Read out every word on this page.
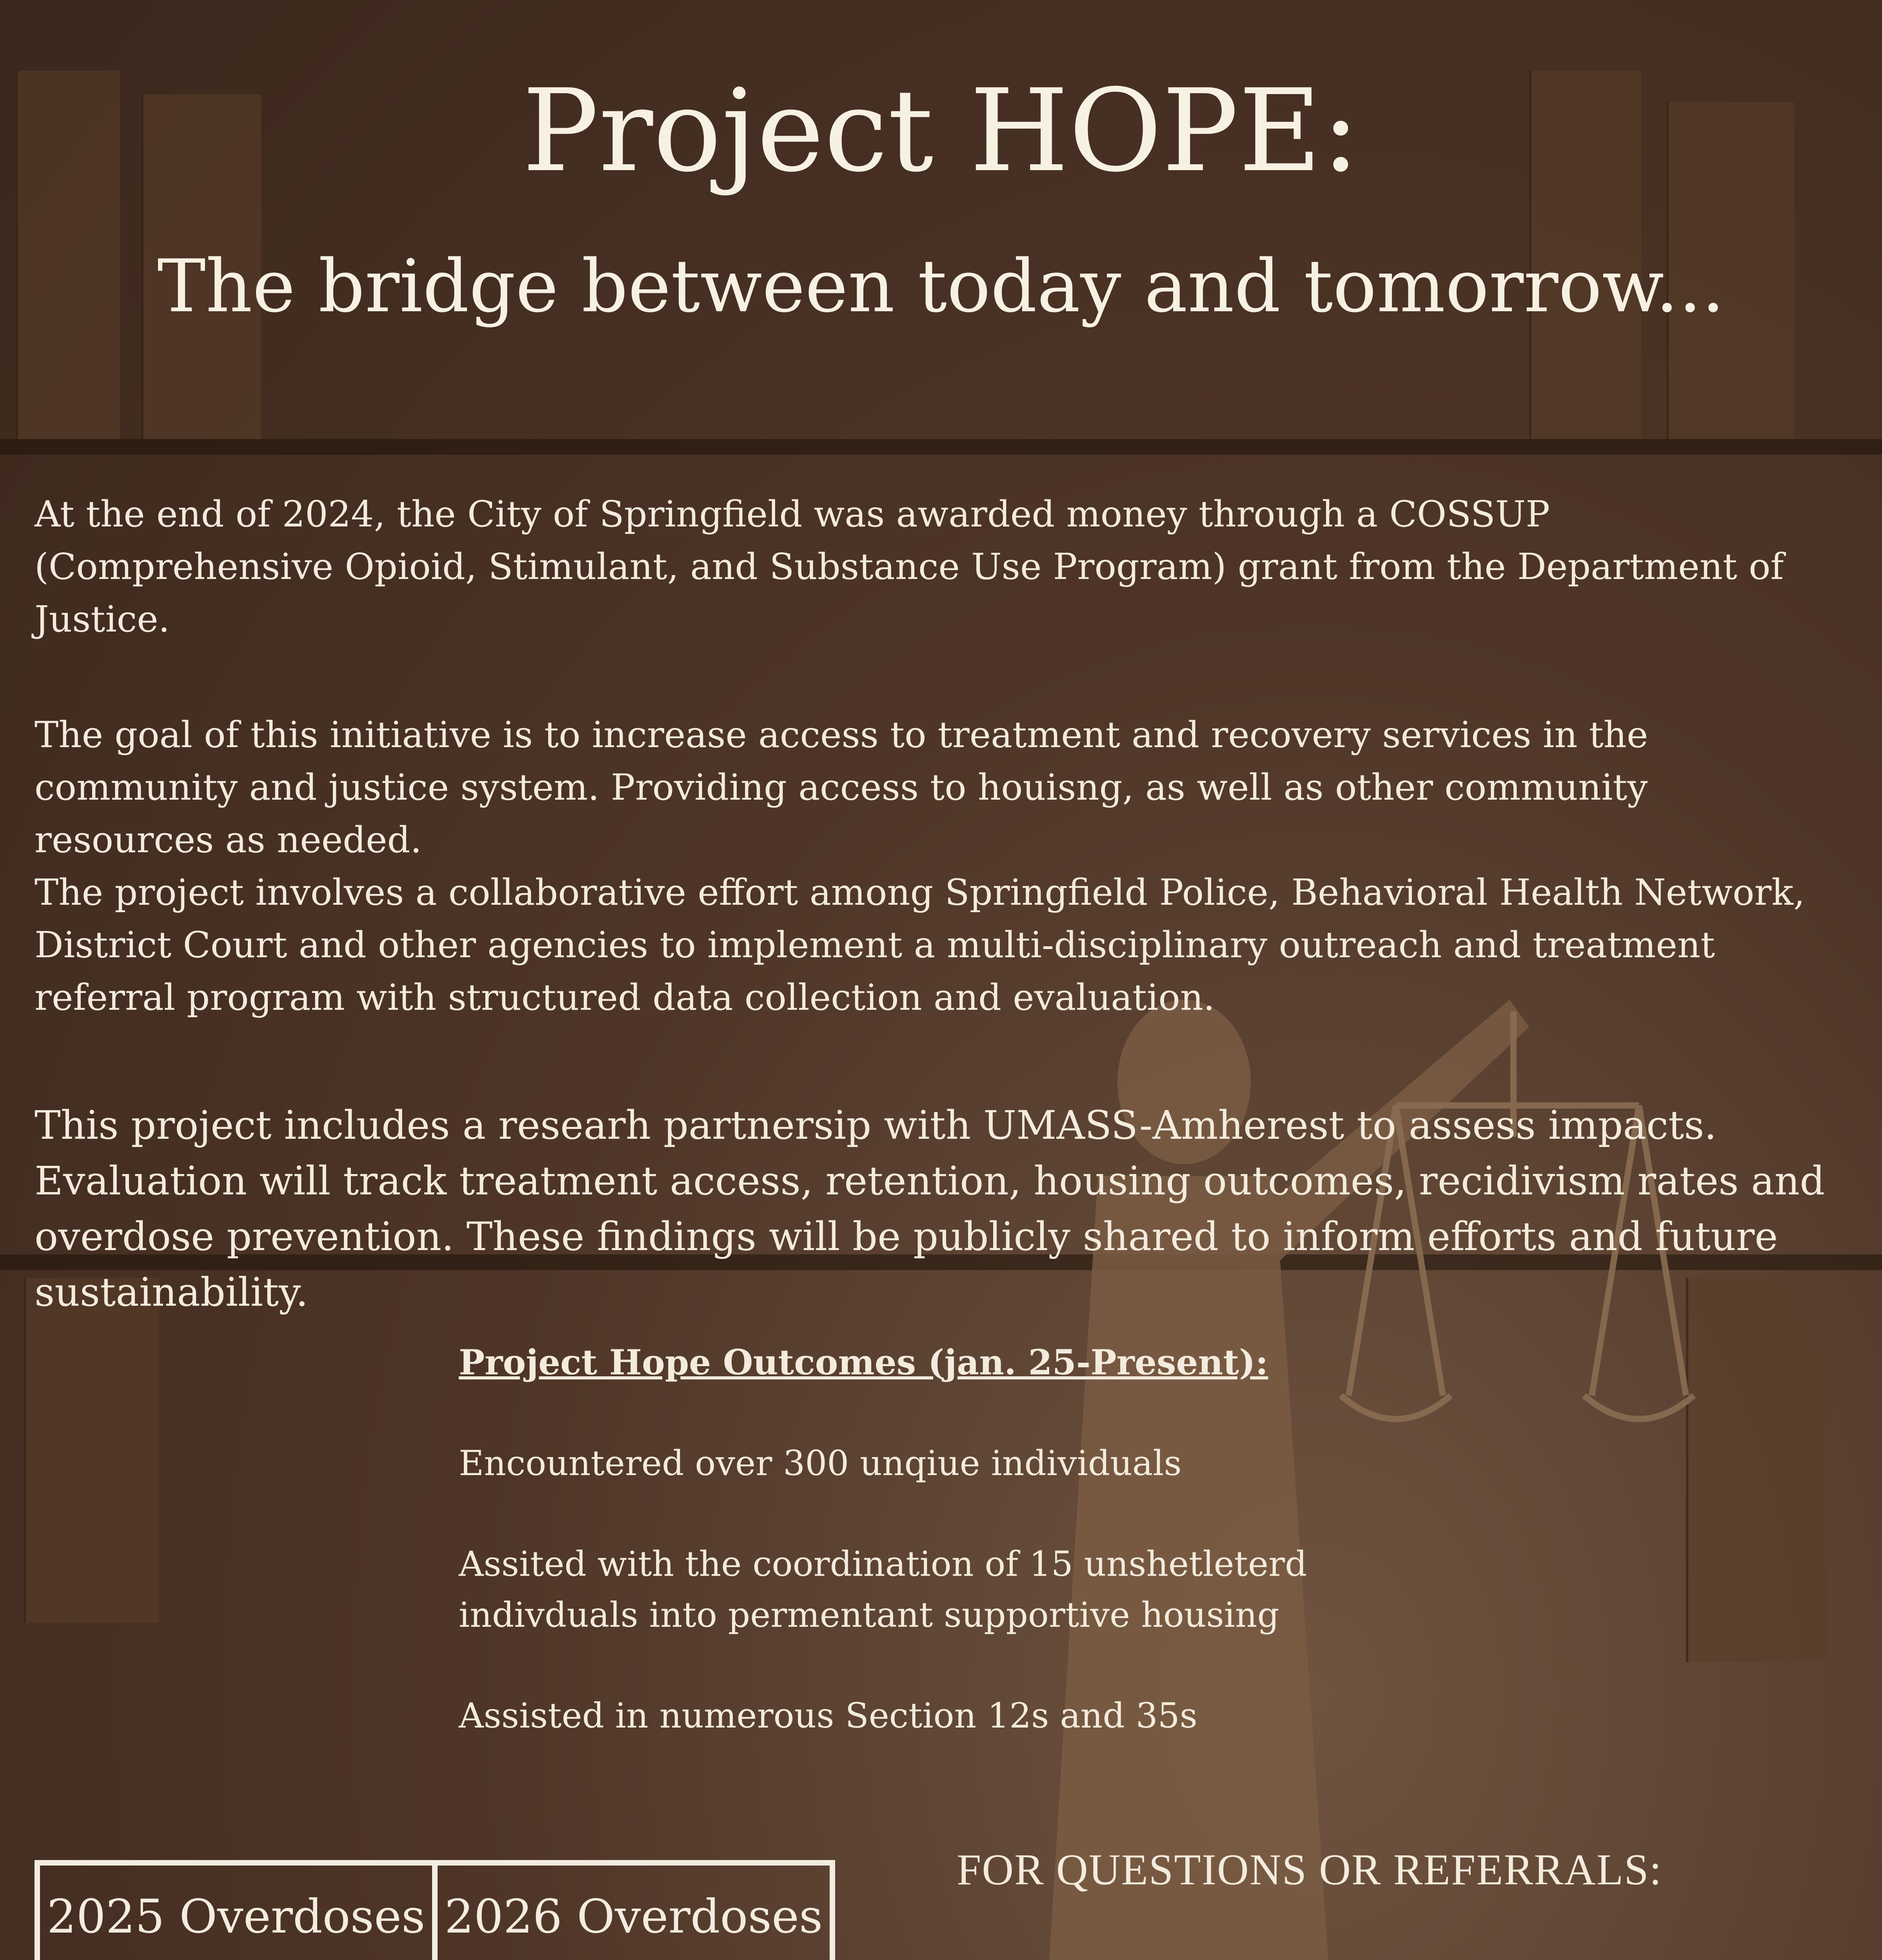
Project HOPE:
The bridge between today and tomorrow...

At the end of 2024, the City of Springfield was awarded money through a COSSUP (Comprehensive Opioid, Stimulant, and Substance Use Program) grant from the Department of Justice.

The goal of this initiative is to increase access to treatment and recovery services in the community and justice system. Providing access to houisng, as well as other community resources as needed.

The project involves a collaborative effort among Springfield Police, Behavioral Health Network, District Court and other agencies to implement a multi-disciplinary outreach and treatment referral program with structured data collection and evaluation.

This project includes a researh partnersip with UMASS-Amherest to assess impacts. Evaluation will track treatment access, retention, housing outcomes, recidivism rates and overdose prevention. These findings will be publicly shared to inform efforts and future sustainability.

Project Hope Outcomes (jan. 25-Present):

Encountered over 300 unqiue individuals

Assited with the coordination of 15 unshetleterd indivduals into permentant supportive housing

Assisted in numerous Section 12s and 35s

2025 Overdoses	2026 Overdoses

FOR QUESTIONS OR REFERRALS:
